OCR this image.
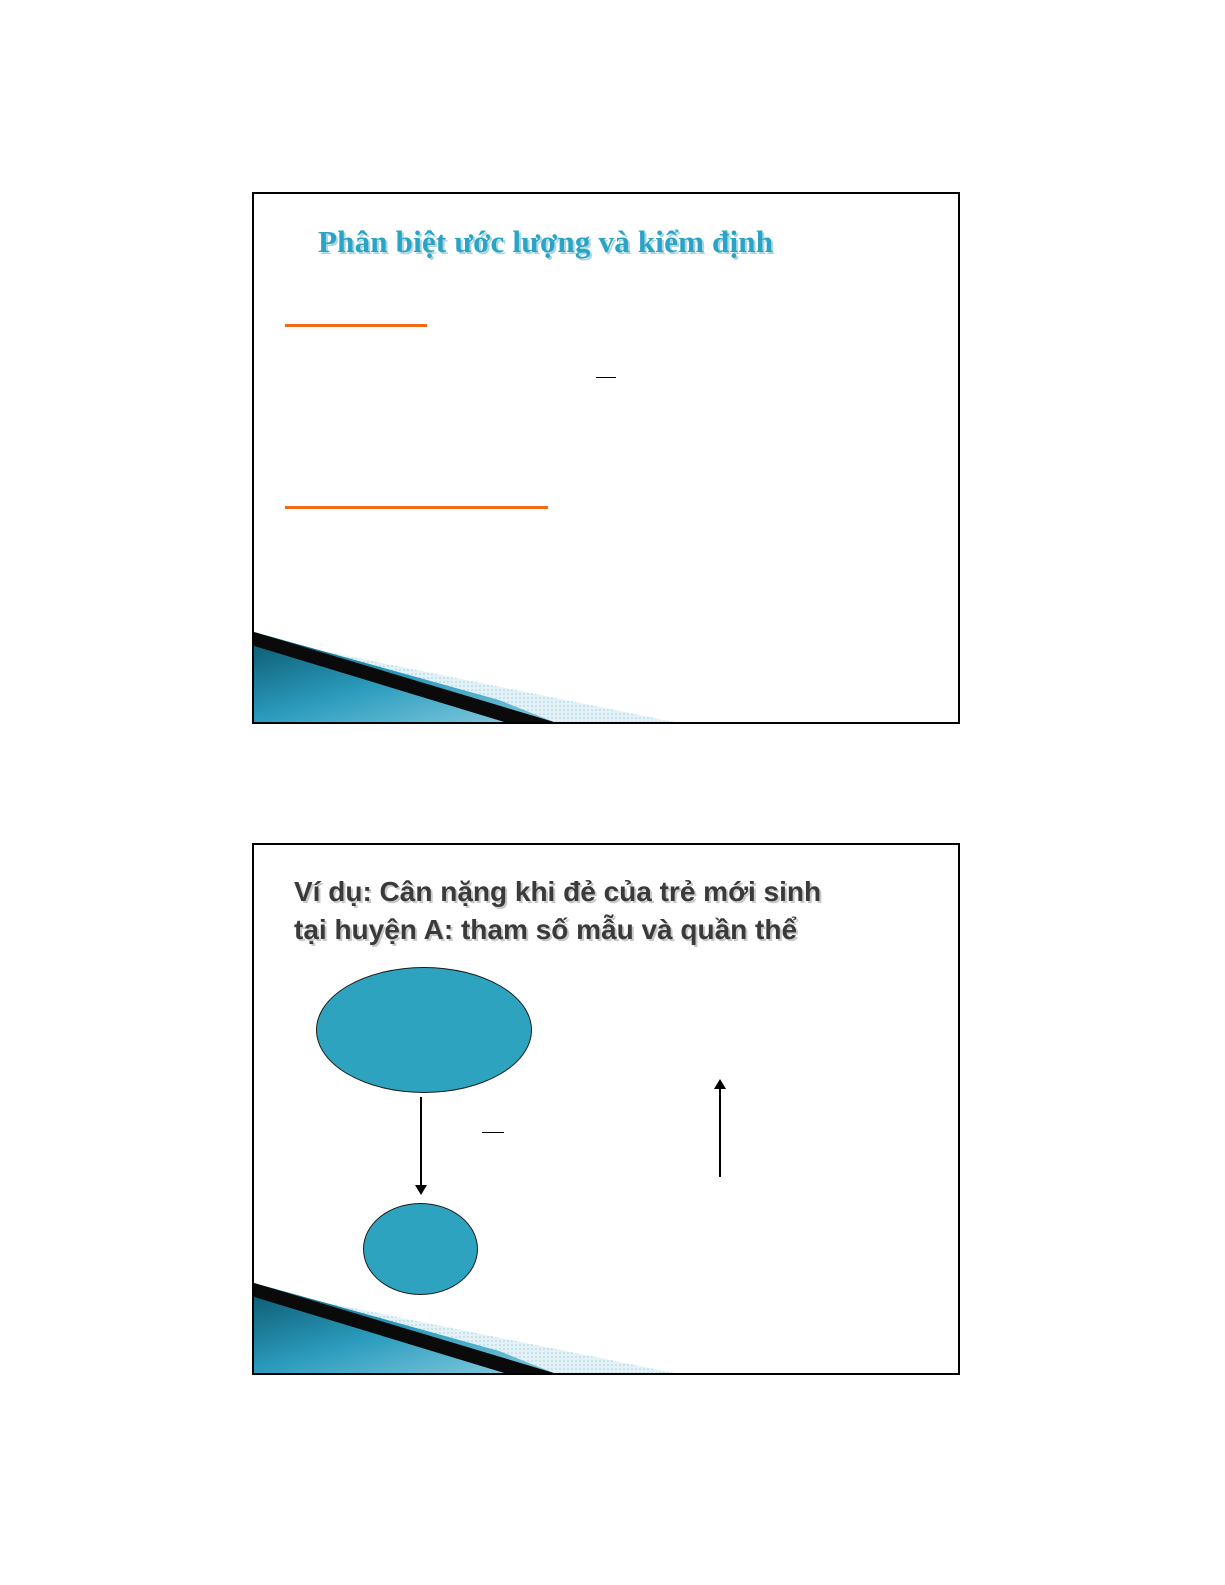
Phân biệt ước lượng và kiểm định
Ví dụ: Cân nặng khi đẻ của trẻ mới sinh
tại huyện A: tham số mẫu và quần thể
